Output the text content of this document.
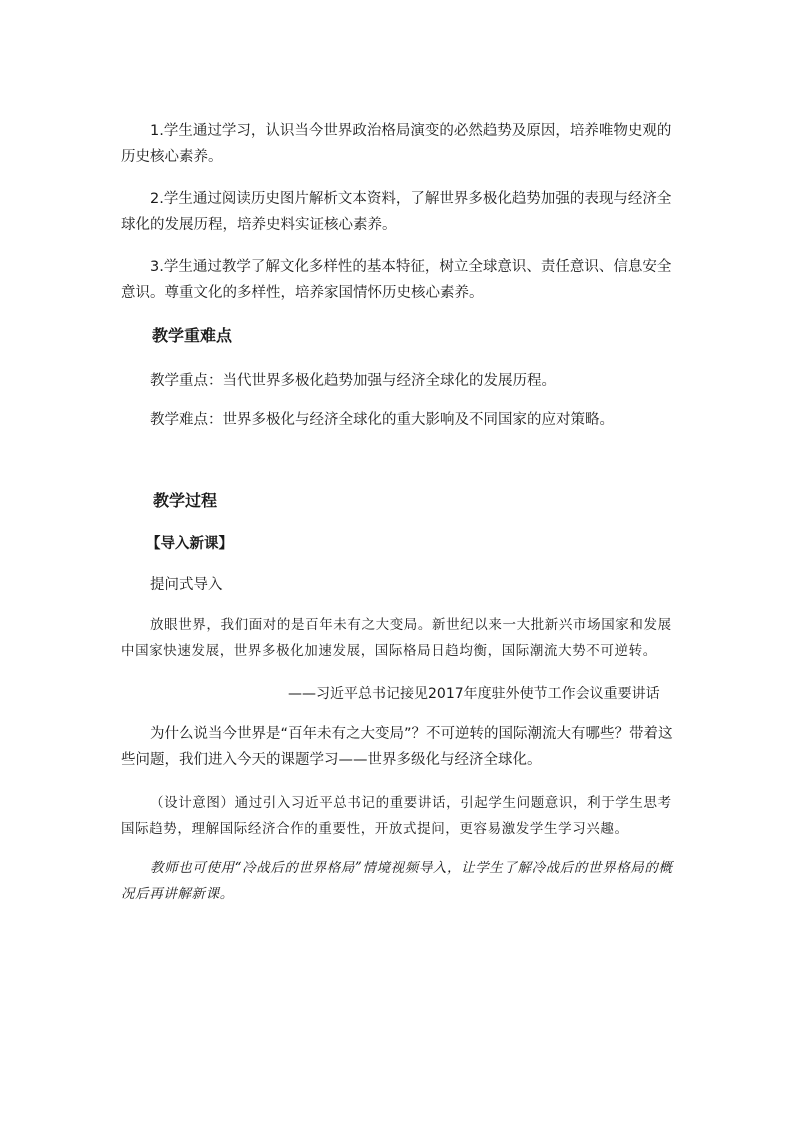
1.学生通过学习，认识当今世界政治格局演变的必然趋势及原因，培养唯物史观的历史核心素养。

2.学生通过阅读历史图片解析文本资料，了解世界多极化趋势加强的表现与经济全球化的发展历程，培养史料实证核心素养。

3.学生通过教学了解文化多样性的基本特征，树立全球意识、责任意识、信息安全意识。尊重文化的多样性，培养家国情怀历史核心素养。

教学重难点

教学重点：当代世界多极化趋势加强与经济全球化的发展历程。

教学难点：世界多极化与经济全球化的重大影响及不同国家的应对策略。

教学过程
【导入新课】

提问式导入

放眼世界，我们面对的是百年未有之大变局。新世纪以来一大批新兴市场国家和发展中国家快速发展，世界多极化加速发展，国际格局日趋均衡，国际潮流大势不可逆转。

——习近平总书记接见2017年度驻外使节工作会议重要讲话

为什么说当今世界是“百年未有之大变局”？不可逆转的国际潮流大有哪些？带着这些问题，我们进入今天的课题学习——世界多级化与经济全球化。

（设计意图）通过引入习近平总书记的重要讲话，引起学生问题意识，利于学生思考国际趋势，理解国际经济合作的重要性，开放式提问，更容易激发学生学习兴趣。

教师也可使用“冷战后的世界格局”情境视频导入，让学生了解冷战后的世界格局的概况后再讲解新课。
